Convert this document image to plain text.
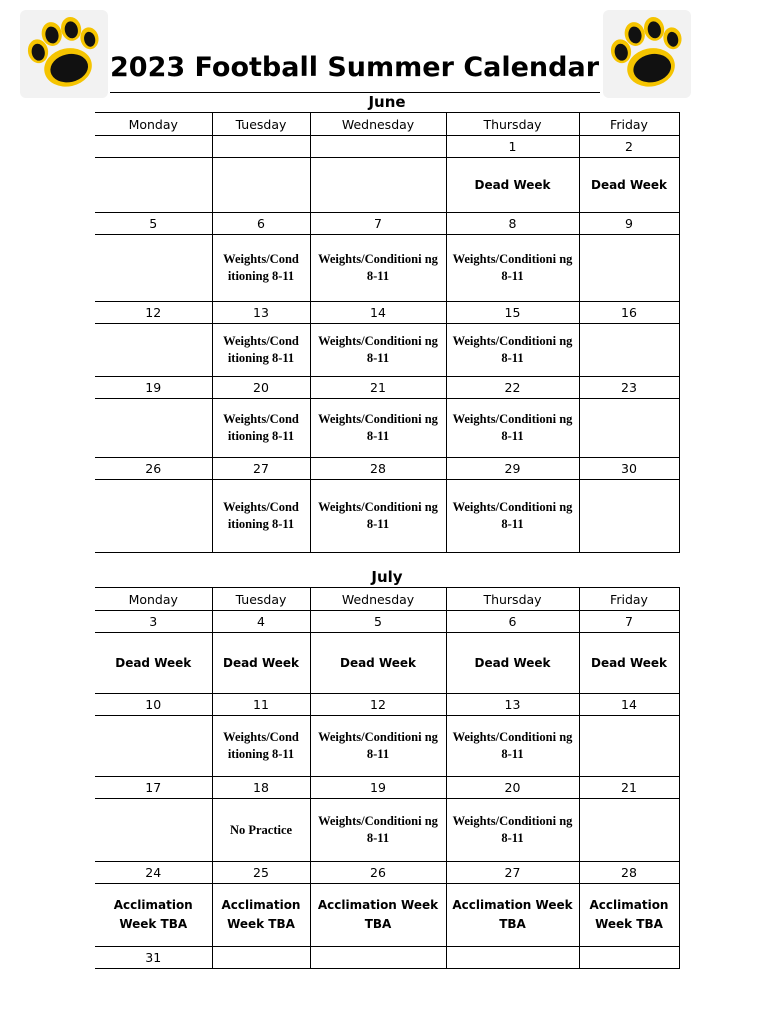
2023 Football Summer Calendar
June
Monday	Tuesday	Wednesday	Thursday	Friday
			1	2
			Dead Week	Dead Week
5	6	7	8	9
	Weights/Cond itioning 8-11	Weights/Conditioni ng 8-11	Weights/Conditioni ng 8-11	
12	13	14	15	16
	Weights/Cond itioning 8-11	Weights/Conditioni ng 8-11	Weights/Conditioni ng 8-11	
19	20	21	22	23
	Weights/Cond itioning 8-11	Weights/Conditioni ng 8-11	Weights/Conditioni ng 8-11	
26	27	28	29	30
	Weights/Cond itioning 8-11	Weights/Conditioni ng 8-11	Weights/Conditioni ng 8-11	
July
Monday	Tuesday	Wednesday	Thursday	Friday
3	4	5	6	7
Dead Week	Dead Week	Dead Week	Dead Week	Dead Week
10	11	12	13	14
	Weights/Cond itioning 8-11	Weights/Conditioni ng 8-11	Weights/Conditioni ng 8-11	
17	18	19	20	21
	No Practice	Weights/Conditioni ng 8-11	Weights/Conditioni ng 8-11	
24	25	26	27	28
Acclimation Week TBA	Acclimation Week TBA	Acclimation Week TBA	Acclimation Week TBA	Acclimation Week TBA
31				
